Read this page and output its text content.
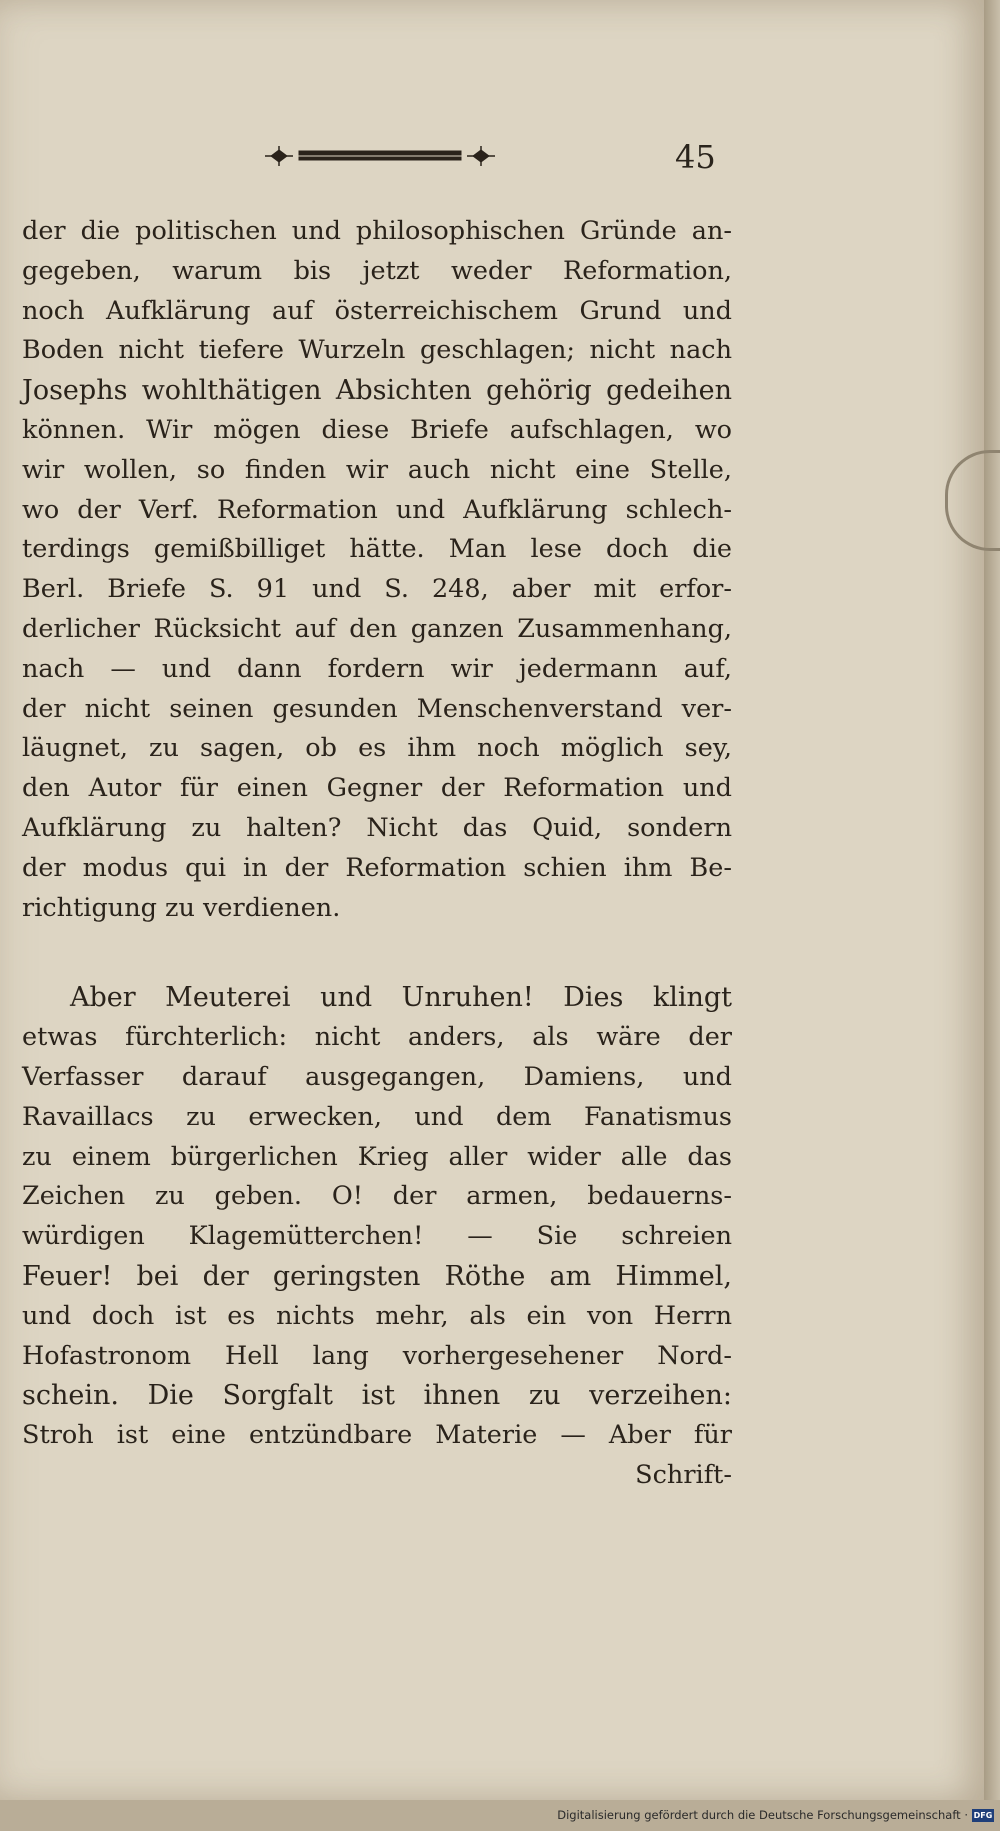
45
der die politischen und philosophischen Gründe an-
gegeben, warum bis jetzt weder Reformation,
noch Aufklärung auf österreichischem Grund und
Boden nicht tiefere Wurzeln geschlagen; nicht nach
Josephs wohlthätigen Absichten gehörig gedeihen
können. Wir mögen diese Briefe aufschlagen, wo
wir wollen, so finden wir auch nicht eine Stelle,
wo der Verf. Reformation und Aufklärung schlech-
terdings gemißbilliget hätte. Man lese doch die
Berl. Briefe S. 91 und S. 248, aber mit erfor-
derlicher Rücksicht auf den ganzen Zusammenhang,
nach — und dann fordern wir jedermann auf,
der nicht seinen gesunden Menschenverstand ver-
läugnet, zu sagen, ob es ihm noch möglich sey,
den Autor für einen Gegner der Reformation und
Aufklärung zu halten? Nicht das Quid, sondern
der modus qui in der Reformation schien ihm Be-
richtigung zu verdienen.
Aber Meuterei und Unruhen! Dies klingt
etwas fürchterlich: nicht anders, als wäre der
Verfasser darauf ausgegangen, Damiens, und
Ravaillacs zu erwecken, und dem Fanatismus
zu einem bürgerlichen Krieg aller wider alle das
Zeichen zu geben. O! der armen, bedauerns-
würdigen Klagemütterchen! — Sie schreien
Feuer! bei der geringsten Röthe am Himmel,
und doch ist es nichts mehr, als ein von Herrn
Hofastronom Hell lang vorhergesehener Nord-
schein. Die Sorgfalt ist ihnen zu verzeihen:
Stroh ist eine entzündbare Materie — Aber für
Schrift-
Digitalisierung gefördert durch die Deutsche Forschungsgemeinschaft · DFG
